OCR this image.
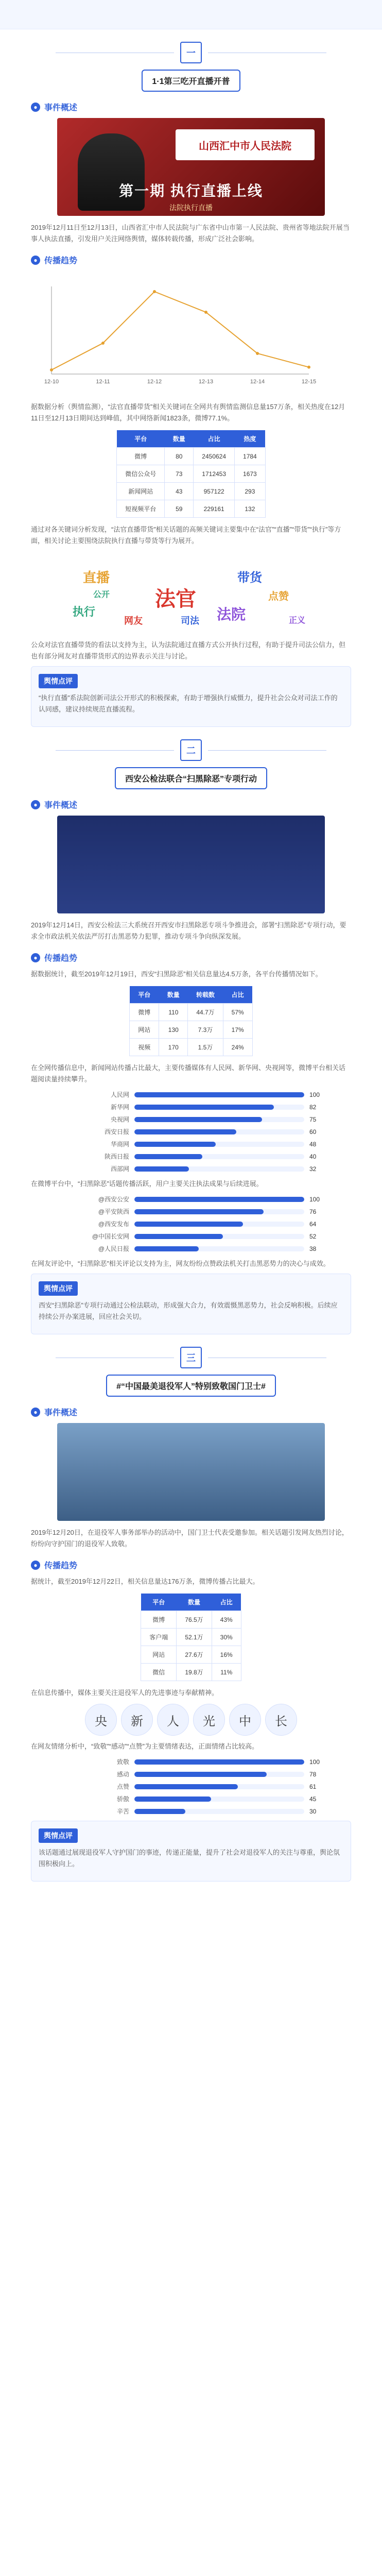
一
1·1第三吃开直播开普
● 事件概述
山西汇中市人民法院
第一期 执行直播上线
法院执行直播
2019年12月11日至12月13日，山西省汇中市人民法院与广东省中山市第一人民法院、贵州省等地法院开展当事人执法直播，引发用户关注网络舆情，媒体转载传播，形成广泛社会影响。
● 传播趋势
12-10	12-11	12-12	12-13	12-14	12-15
据数据分析（舆情监测），“法官直播带货”相关关键词在全网共有舆情监测信息量157万条，相关热度在12月11日至12月13日期间达到峰值，其中网络新闻1823条，微博77.1%。
平台	数量	占比	热度
微博	80	2450624	1784
微信公众号	73	1712453	1673
新闻网站	43	957122	293
短视频平台	59	229161	132
通过对各关键词分析发现，“法官直播带货”相关话题的高频关键词主要集中在“法官”“直播”“带货”“执行”等方面，相关讨论主要围绕法院执行直播与带货等行为展开。
法官
直播	带货
执行	法院
网友
点赞
司法
公开
正义
公众对法官直播带货的看法以支持为主，认为法院通过直播方式公开执行过程，有助于提升司法公信力，但也有部分网友对直播带货形式的边界表示关注与讨论。
舆情点评
“执行直播”系法院创新司法公开形式的积极探索，有助于增强执行威慑力，提升社会公众对司法工作的认同感，建议持续规范直播流程。
二
西安公检法联合“扫黑除恶”专项行动
● 事件概述
2019年12月14日，西安公检法三大系统召开西安市扫黑除恶专项斗争推进会，部署“扫黑除恶”专项行动，要求全市政法机关依法严厉打击黑恶势力犯罪，推动专项斗争向纵深发展。
● 传播趋势
据数据统计，截至2019年12月19日，西安“扫黑除恶”相关信息量达4.5万条，各平台传播情况如下。
平台	数量	转载数	占比
微博	110	44.7万	57%
网站	130	7.3万	17%
视频	170	1.5万	24%
在全网传播信息中，新闻网站传播占比最大，主要传播媒体有人民网、新华网、央视网等，微博平台相关话题阅读量持续攀升。
人民网	100
新华网	82
央视网	75
西安日报	60
华商网	48
陕西日报	40
西部网	32
在微博平台中，“扫黑除恶”话题传播活跃，用户主要关注执法成果与后续进展。
@西安公安	100
@平安陕西	76
@西安发布	64
@中国长安网	52
@人民日报	38
在网友评论中，“扫黑除恶”相关评论以支持为主，网友纷纷点赞政法机关打击黑恶势力的决心与成效。
舆情点评
西安“扫黑除恶”专项行动通过公检法联动，形成强大合力，有效震慑黑恶势力，社会反响积极。后续应持续公开办案进展，回应社会关切。
三
#“中国最美退役军人”特别致敬国门卫士#
● 事件概述
2019年12月20日，在退役军人事务部举办的活动中，国门卫士代表受邀参加。相关话题引发网友热烈讨论，纷纷向守护国门的退役军人致敬。
● 传播趋势
据统计，截至2019年12月22日，相关信息量达176万条，微博传播占比最大。
平台	数量	占比
微博	76.5万	43%
客户端	52.1万	30%
网站	27.6万	16%
微信	19.8万	11%
在信息传播中，媒体主要关注退役军人的先进事迹与奉献精神。
央	新	人	光	中	长
在网友情绪分析中，“致敬”“感动”“点赞”为主要情绪表达，正面情绪占比较高。
致敬	100
感动	78
点赞	61
骄傲	45
辛苦	30
舆情点评
该话题通过展现退役军人守护国门的事迹，传递正能量，提升了社会对退役军人的关注与尊重，舆论氛围积极向上。
